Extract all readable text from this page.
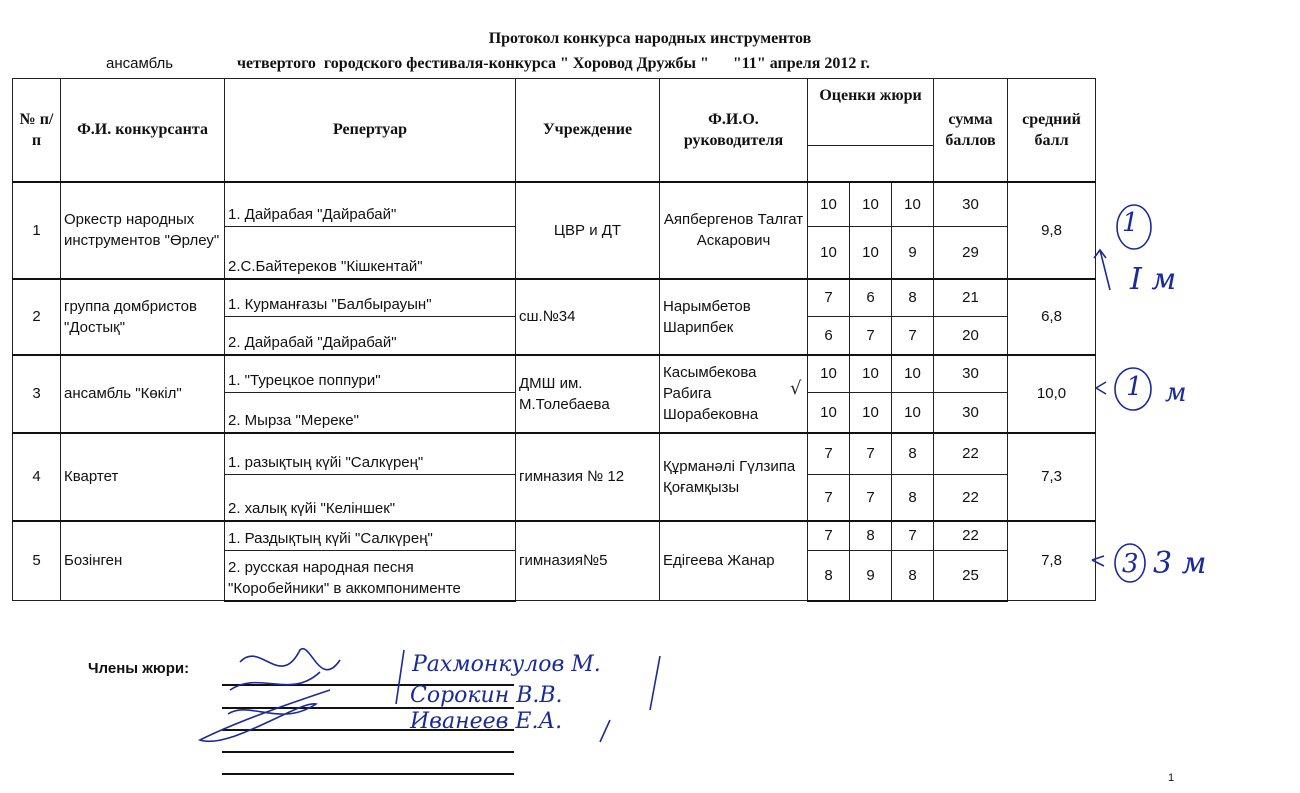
Протокол конкурса народных инструментов
ансамбль	четвертого  городского фестиваля-конкурса " Хоровод Дружбы "      "11" апреля 2012 г.
№ п/п	Ф.И. конкурсанта	Репертуар	Учреждение	Ф.И.О. руководителя	Оценки жюри			сумма баллов	средний балл

1	Оркестр народных инструментов "Өрлеу"	1. Дайрабая "Дайрабай"	ЦВР и ДТ	Аяпбергенов Талгат Аскарович	10	10	10	30	9,8
		2.С.Байтереков "Кішкентай"			10	10	9	29	
2	группа домбристов "Достық"	1. Курманғазы "Балбырауын"	сш.№34	Нарымбетов Шарипбек	7	6	8	21	6,8
		2. Дайрабай "Дайрабай"			6	7	7	20	
3	ансамбль "Көкіл"	1. "Турецкое поппури"	ДМШ им. М.Толебаева	Касымбекова Рабига Шорабековна	10	10	10	30	10,0
		2. Мырза "Мереке"			10	10	10	30	
4	Квартет	1. разықтың күйі "Салкүрең"	гимназия № 12	Құрманәлі Гүлзипа Қоғамқызы	7	7	8	22	7,3
		2. халық күйі "Келіншек"			7	7	8	22	
5	Бозінген	1. Раздықтың күйі "Салкүрең"	гимназия№5	Едігеева Жанар	7	8	7	22	7,8
		2. русская народная песня "Коробейники" в аккомпонименте			8	9	8	25	
Члены жюри:	Рахмонкулов М.
Сорокин В.В.
Иванеев Е.А.
1
I м
1 м
3 3 м
√
1
